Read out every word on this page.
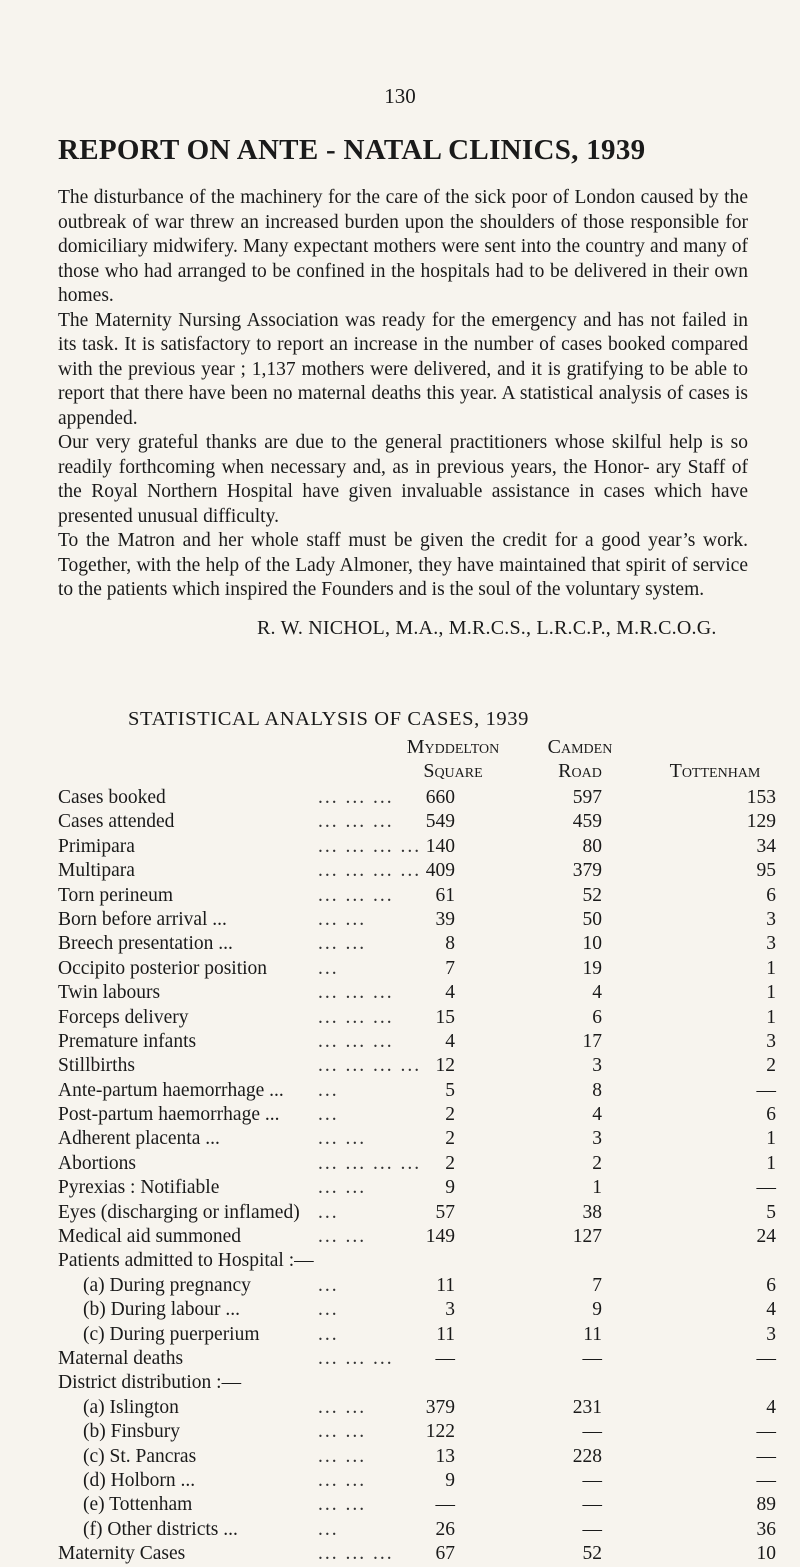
130
REPORT ON ANTE - NATAL CLINICS, 1939

The disturbance of the machinery for the care of the sick poor of London caused by the outbreak of war threw an increased burden upon the shoulders of those responsible for domiciliary midwifery. Many expectant mothers were sent into the country and many of those who had arranged to be confined in the hospitals had to be delivered in their own homes.

The Maternity Nursing Association was ready for the emergency and has not failed in its task. It is satisfactory to report an increase in the number of cases booked compared with the previous year ; 1,137 mothers were delivered, and it is gratifying to be able to report that there have been no maternal deaths this year. A statistical analysis of cases is appended.

Our very grateful thanks are due to the general practitioners whose skilful help is so readily forthcoming when necessary and, as in previous years, the Honor- ary Staff of the Royal Northern Hospital have given invaluable assistance in cases which have presented unusual difficulty.

To the Matron and her whole staff must be given the credit for a good year’s work. Together, with the help of the Lady Almoner, they have maintained that spirit of service to the patients which inspired the Founders and is the soul of the voluntary system.

R. W. NICHOL, M.A., M.R.C.S., L.R.C.P., M.R.C.O.G.
STATISTICAL ANALYSIS OF CASES, 1939
Myddelton
Square
Camden
Road	Tottenham
Cases booked	... ... ...	660	597	153
Cases attended	... ... ...	549	459	129
Primipara	... ... ... ... 140	80	34
Multipara	... ... ... ... 409	379	95
Torn perineum	... ... ...	61	52	6
Born before arrival ...	... ...	39	50	3
Breech presentation ...	... ...	8	10	3
Occipito posterior position	...	7	19	1
Twin labours	... ... ...	4	4	1
Forceps delivery	... ... ...	15	6	1
Premature infants	... ... ...	4	17	3
Stillbirths	... ... ... ... 12	3	2
Ante-partum haemorrhage ... ...	5	8	—
Post-partum haemorrhage ... ...	2	4	6
Adherent placenta ...	... ...	2	3	1
Abortions	... ... ... ...	2	2	1
Pyrexias : Notifiable	... ...	9	1	—
Eyes (discharging or inflamed) ...	57	38	5
Medical aid summoned	... ...	149	127	24
Patients admitted to Hospital :—
(a) During pregnancy	...	11	7	6
(b) During labour ...	...	3	9	4
(c) During puerperium	...	11	11	3
Maternal deaths	... ... ...	—	—	—
District distribution :—
(a) Islington	... ...	379	231	4
(b) Finsbury	... ...	122	—	—
(c) St. Pancras	... ...	13	228	—
(d) Holborn ...	... ...	9	—	—
(e) Tottenham	... ...	—	—	89
(f) Other districts ...	...	26	—	36
Maternity Cases	... ... ...	67	52	10
